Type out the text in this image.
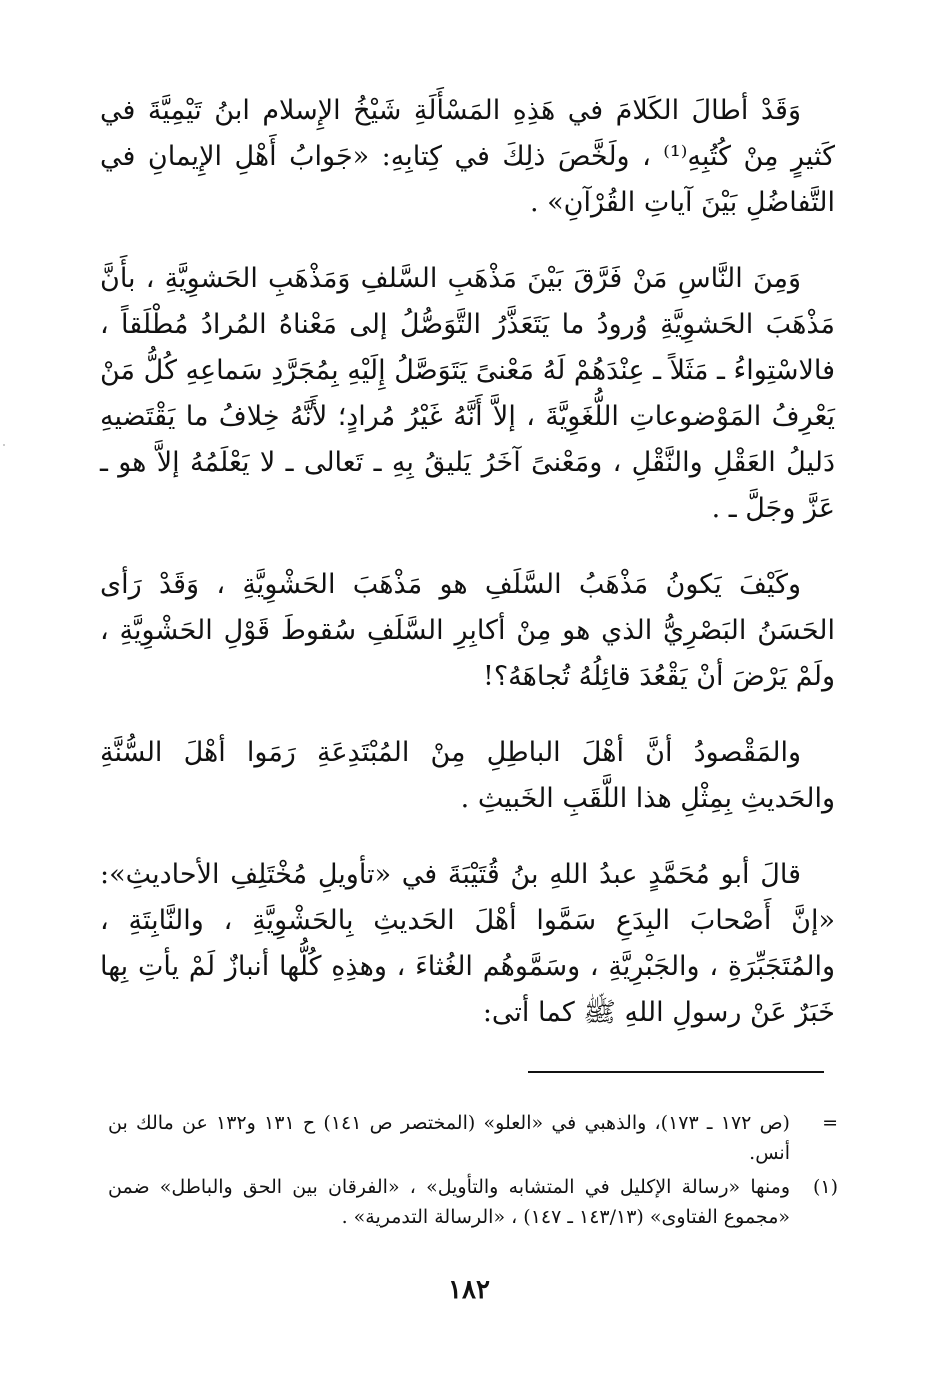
وَقَدْ أطالَ الكَلامَ في هَذِهِ المَسْأَلَةِ شَيْخُ الإِسلام ابنُ تَيْمِيَّةَ في كَثيرٍ مِنْ كُتُبِهِ⁽¹⁾ ، ولَخَّصَ ذلِكَ في كِتابِهِ: «جَوابُ أَهْلِ الإِيمانِ في التَّفاضُلِ بَيْنَ آياتِ القُرْآنِ» .

وَمِنَ النَّاسِ مَنْ فَرَّقَ بَيْنَ مَذْهَبِ السَّلفِ وَمَذْهَبِ الحَشوِيَّةِ ، بأَنَّ مَذْهَبَ الحَشوِيَّةِ وُرودُ ما يَتَعَذَّرُ التَّوَصُّلُ إلى مَعْناهُ المُرادُ مُطْلَقاً ، فالاسْتِواءُ ـ مَثَلاً ـ عِنْدَهُمْ لَهُ مَعْنىً يَتَوَصَّلُ إِلَيْهِ بِمُجَرَّدِ سَماعِهِ كُلُّ مَنْ يَعْرِفُ المَوْضوعاتِ اللُّغَوِيَّةَ ، إلاَّ أَنَّهُ غَيْرُ مُرادٍ؛ لأَنَّهُ خِلافُ ما يَقْتَضيهِ دَليلُ العَقْلِ والنَّقْلِ ، ومَعْنىً آخَرُ يَليقُ بِهِ ـ تَعالى ـ لا يَعْلَمُهُ إلاَّ هو ـ عَزَّ وجَلَّ ـ .

وكَيْفَ يَكونُ مَذْهَبُ السَّلَفِ هو مَذْهَبَ الحَشْوِيَّةِ ، وَقَدْ رَأى الحَسَنُ البَصْرِيُّ الذي هو مِنْ أكابِرِ السَّلَفِ سُقوطَ قَوْلِ الحَشْوِيَّةِ ، ولَمْ يَرْضَ أنْ يَقْعُدَ قائِلُهُ تُجاهَهُ؟!

والمَقْصودُ أنَّ أهْلَ الباطِلِ مِنْ المُبْتَدِعَةِ رَمَوا أهْلَ السُّنَّةِ والحَديثِ بِمِثْلِ هذا اللَّقَبِ الخَبيثِ .

قالَ أبو مُحَمَّدٍ عبدُ اللهِ بنُ قُتَيْبَةَ في «تأويلِ مُخْتَلِفِ الأحاديثِ»: «إنَّ أَصْحابَ البِدَعِ سَمَّوا أهْلَ الحَديثِ بِالحَشْوِيَّةِ ، والنَّابِتَةِ ، والمُتَجَبِّرَةِ ، والجَبْرِيَّةِ ، وسَمَّوهُم الغُثاءَ ، وهذِهِ كُلُّها أنبازٌ لَمْ يأتِ بِها خَبَرٌ عَنْ رسولِ اللهِ ﷺ كما أتى:

=
(ص ١٧٢ ـ ١٧٣)، والذهبي في «العلو» (المختصر ص ١٤١) ح ١٣١ و١٣٢ عن مالك بن أنس.
(١)
ومنها «رسالة الإكليل في المتشابه والتأويل» ، «الفرقان بين الحق والباطل» ضمن «مجموع الفتاوى» (١٤٣/١٣ ـ ١٤٧) ، «الرسالة التدمرية» .
١٨٢
